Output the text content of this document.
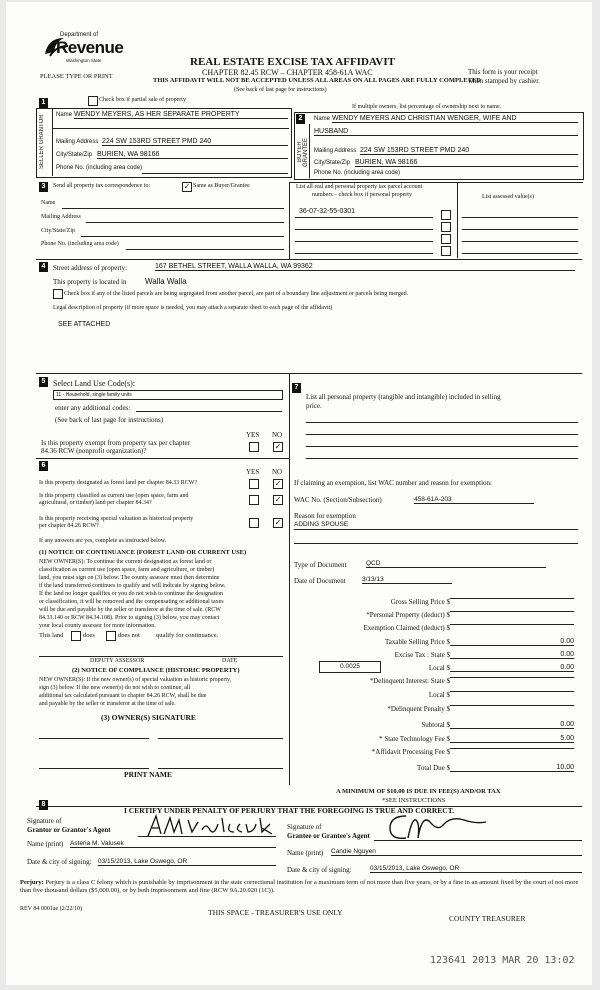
Department of
Revenue
Washington State
PLEASE TYPE OR PRINT
REAL ESTATE EXCISE TAX AFFIDAVIT
CHAPTER 82.45 RCW – CHAPTER 458-61A WAC
THIS AFFIDAVIT WILL NOT BE ACCEPTED UNLESS ALL AREAS ON ALL PAGES ARE FULLY COMPLETED
(See back of last page for instructions)
This form is your receipt
when stamped by cashier.
1	Check box if partial sale of property
SELLER GRANTOR	Name WENDY MEYERS, AS HER SEPARATE PROPERTY
Mailing Address 224 SW 153RD STREET PMD 240
City/State/Zip BURIEN, WA 98166
Phone No. (including area code)
If multiple owners, list percentage of ownership next to name.
2
BUYER GRANTEE
Name WENDY MEYERS AND CHRISTIAN WENGER, WIFE AND
HUSBAND
Mailing Address 224 SW 153RD STREET PMD 240
City/State/Zip BURIEN, WA 98166
Phone No. (including area code)
3	Send all property tax correspondence to:	✓ Same as Buyer/Grantee
Name
Mailing Address
City/State/Zip
Phone No. (including area code)
List all real and personal property tax parcel account
numbers – check box if personal property	List assessed value(s)
36-07-32-55-0301
4	Street address of property:	167 BETHEL STREET, WALLA WALLA, WA 99362
This property is located in Walla Walla
Check box if any of the listed parcels are being segregated from another parcel, are part of a boundary line adjustment or parcels being merged.
Legal description of property (if more space is needed, you may attach a separate sheet to each page of the affidavit)
SEE ATTACHED
5 Select Land Use Code(s):
11 - Household, single family units
enter any additional codes:
(See back of last page for instructions)
YES NO
Is this property exempt from property tax per chapter
84.36 RCW (nonprofit organization)?	✓
6
YES NO
Is this property designated as forest land per chapter 84.33 RCW?	✓
Is this property classified as current use (open space, farm and
agricultural, or timber) land per chapter 84.34?	✓
Is this property receiving special valuation as historical property
per chapter 84.26 RCW?	✓
If any answers are yes, complete as instructed below.
(1) NOTICE OF CONTINUANCE (FOREST LAND OR CURRENT USE)
NEW OWNER(S): To continue the current designation as forest land or
classification as current use (open space, farm and agriculture, or timber)
land, you must sign on (3) below. The county assessor must then determine
if the land transferred continues to qualify and will indicate by signing below.
If the land no longer qualifies or you do not wish to continue the designation
or classification, it will be removed and the compensating or additional taxes
will be due and payable by the seller or transferor at the time of sale. (RCW
84.33.140 or RCW 84.34.108). Prior to signing (3) below, you may contact
your local county assessor for more information.
This land	does	does not qualify for continuance.
DEPUTY ASSESSOR	DATE
(2) NOTICE OF COMPLIANCE (HISTORIC PROPERTY)
NEW OWNER(S): If the new owner(s) of special valuation as historic property,
sign (3) below. If the new owner(s) do not wish to continue, all
additional tax calculated pursuant to chapter 84.26 RCW, shall be due
and payable by the seller or transferor at the time of sale.
(3) OWNER(S) SIGNATURE
PRINT NAME
7
List all personal property (tangible and intangible) included in selling
price.
If claiming an exemption, list WAC number and reason for exemption:
WAC No. (Section/Subsection)	458-61A-203
Reason for exemption
ADDING SPOUSE
Type of Document	QCD
Date of Document	3/13/13
Gross Selling Price $
*Personal Property (deduct) $
Exemption Claimed (deduct) $
Taxable Selling Price $	0.00
Excise Tax : State $	0.00
0.0025	Local $	0.00
*Delinquent Interest: State $
Local $
*Delinquent Penalty $
Subtotal $	0.00
* State Technology Fee $	5.00
*Affidavit Processing Fee $
Total Due $	10.00
A MINIMUM OF $10.00 IS DUE IN FEE(S) AND/OR TAX
*SEE INSTRUCTIONS
8
I CERTIFY UNDER PENALTY OF PERJURY THAT THE FOREGOING IS TRUE AND CORRECT.
Signature of
Grantor or Grantor's Agent
Name (print) Asteria M. Valusek
Date & city of signing: 03/15/2013, Lake Oswego, OR
Signature of
Grantee or Grantee's Agent
Name (print) Candie Nguyen
Date & city of signing:	03/15/2013, Lake Oswego, OR
Perjury: Perjury is a class C felony which is punishable by imprisonment in the state correctional institution for a maximum term of not more than five years, or by a fine in an amount fixed by the court of not more than five thousand dollars ($5,000.00), or by both imprisonment and fine (RCW 9A.20.020 (1C)).
REV 84 0001ae (2/22/10)	THIS SPACE - TREASURER'S USE ONLY
COUNTY TREASURER
123641 2013 MAR 20 13:02
